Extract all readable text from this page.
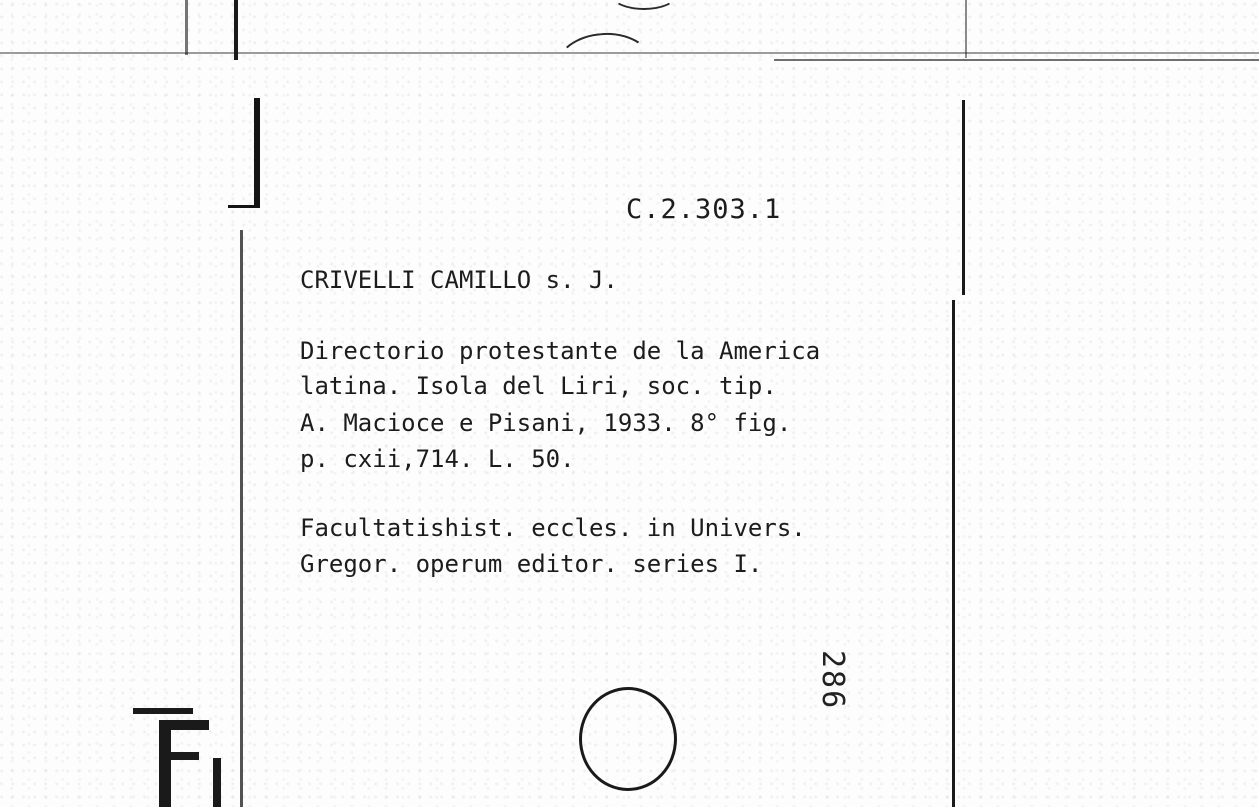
C.2.303.1
CRIVELLI CAMILLO s. J.
Directorio protestante de la America
latina. Isola del Liri, soc. tip.
A. Macioce e Pisani, 1933. 8° fig.
p. cxii,714. L. 50.
Facultatishist. eccles. in Univers.
Gregor. operum editor. series I.
286
